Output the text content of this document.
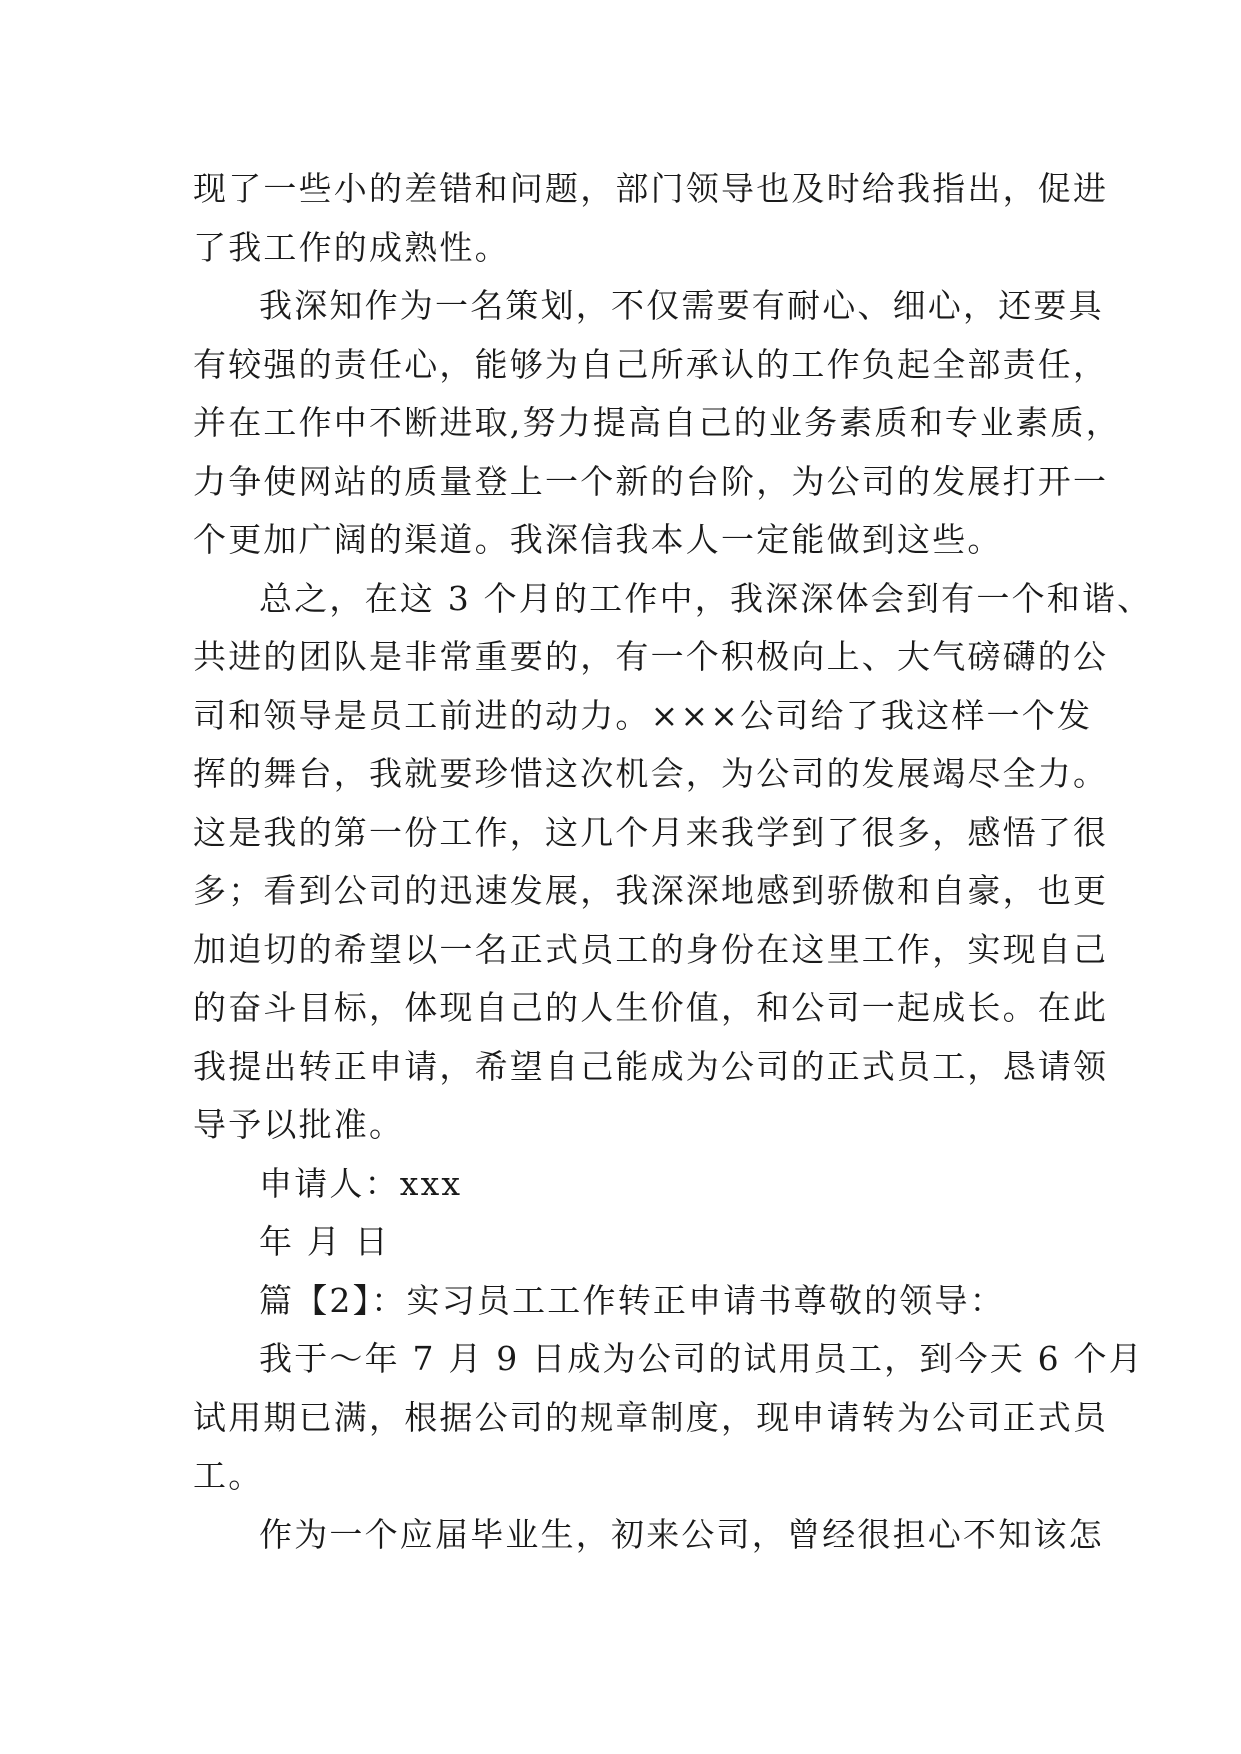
现了一些小的差错和问题，部门领导也及时给我指出，促进
了我工作的成熟性。
我深知作为一名策划，不仅需要有耐心、细心，还要具
有较强的责任心，能够为自己所承认的工作负起全部责任，
并在工作中不断进取,努力提高自己的业务素质和专业素质，
力争使网站的质量登上一个新的台阶，为公司的发展打开一
个更加广阔的渠道。我深信我本人一定能做到这些。
总之，在这 3 个月的工作中，我深深体会到有一个和谐、
共进的团队是非常重要的，有一个积极向上、大气磅礴的公
司和领导是员工前进的动力。×××公司给了我这样一个发
挥的舞台，我就要珍惜这次机会，为公司的发展竭尽全力。
这是我的第一份工作，这几个月来我学到了很多，感悟了很
多；看到公司的迅速发展，我深深地感到骄傲和自豪，也更
加迫切的希望以一名正式员工的身份在这里工作，实现自己
的奋斗目标，体现自己的人生价值，和公司一起成长。在此
我提出转正申请，希望自己能成为公司的正式员工，恳请领
导予以批准。
申请人：xxx
年 月 日
篇【2】：实习员工工作转正申请书尊敬的领导：
我于～年 7 月 9 日成为公司的试用员工，到今天 6 个月
试用期已满，根据公司的规章制度，现申请转为公司正式员
工。
作为一个应届毕业生，初来公司，曾经很担心不知该怎
